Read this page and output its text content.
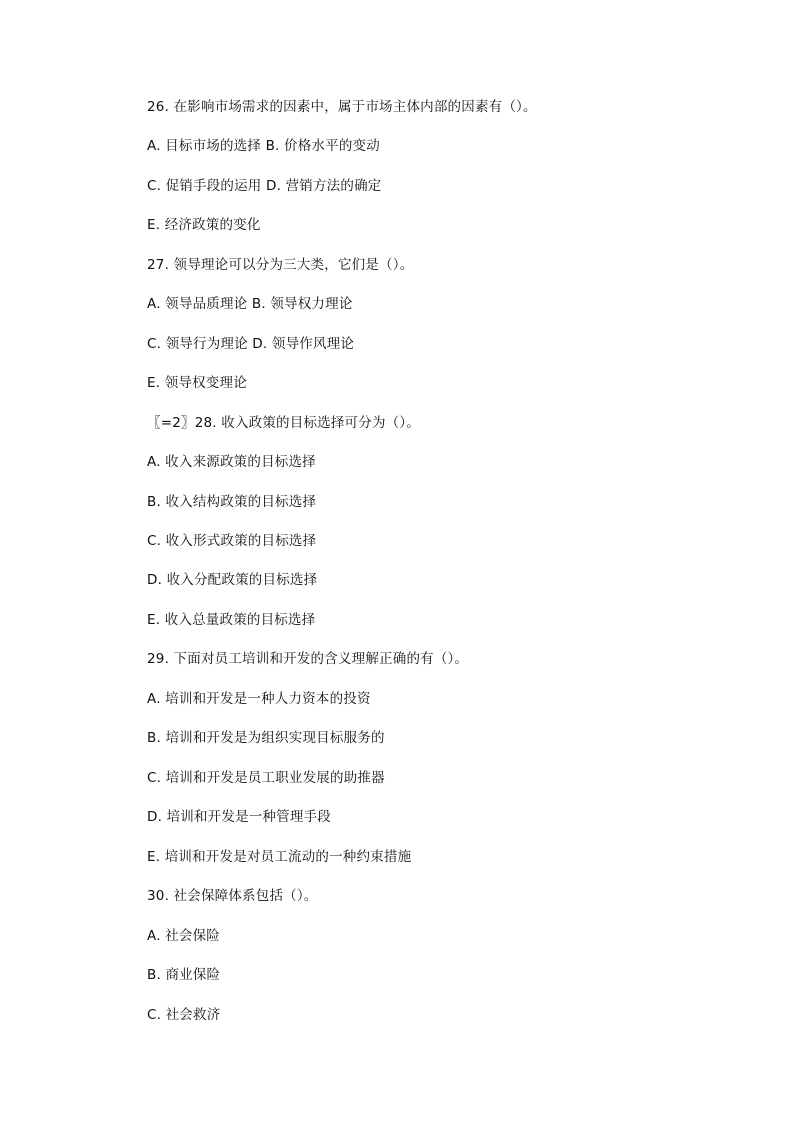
26. 在影响市场需求的因素中，属于市场主体内部的因素有（）。
A. 目标市场的选择 B. 价格水平的变动
C. 促销手段的运用 D. 营销方法的确定
E. 经济政策的变化
27. 领导理论可以分为三大类，它们是（）。
A. 领导品质理论 B. 领导权力理论
C. 领导行为理论 D. 领导作风理论
E. 领导权变理论
〖=2〗28. 收入政策的目标选择可分为（）。
A. 收入来源政策的目标选择
B. 收入结构政策的目标选择
C. 收入形式政策的目标选择
D. 收入分配政策的目标选择
E. 收入总量政策的目标选择
29. 下面对员工培训和开发的含义理解正确的有（）。
A. 培训和开发是一种人力资本的投资
B. 培训和开发是为组织实现目标服务的
C. 培训和开发是员工职业发展的助推器
D. 培训和开发是一种管理手段
E. 培训和开发是对员工流动的一种约束措施
30. 社会保障体系包括（）。
A. 社会保险
B. 商业保险
C. 社会救济
